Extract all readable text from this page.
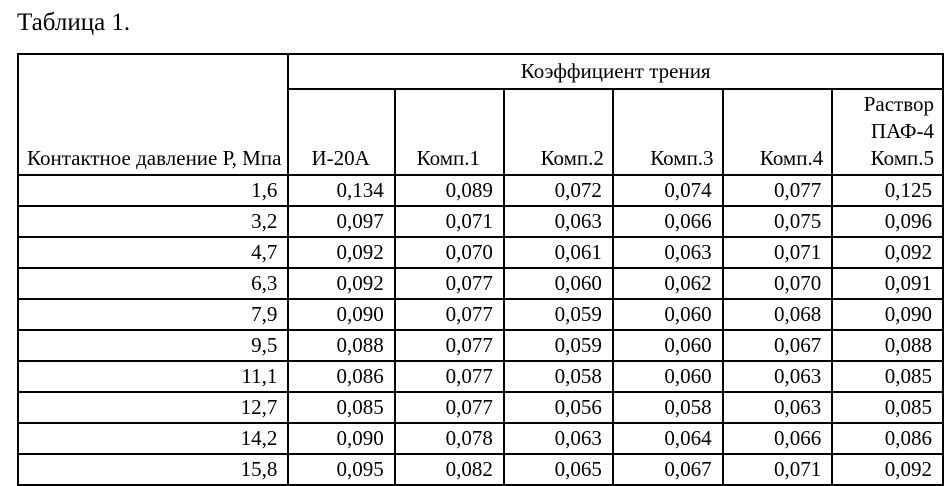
Таблица 1.
Контактное давление Р, Мпа	Коэффициент трения					

	И-20А	Комп.1	Комп.2	Комп.3	Комп.4	Раствор
ПАФ-4
Комп.5

1,6	0,134	0,089	0,072	0,074	0,077	0,125
3,2	0,097	0,071	0,063	0,066	0,075	0,096
4,7	0,092	0,070	0,061	0,063	0,071	0,092
6,3	0,092	0,077	0,060	0,062	0,070	0,091
7,9	0,090	0,077	0,059	0,060	0,068	0,090
9,5	0,088	0,077	0,059	0,060	0,067	0,088
11,1	0,086	0,077	0,058	0,060	0,063	0,085
12,7	0,085	0,077	0,056	0,058	0,063	0,085
14,2	0,090	0,078	0,063	0,064	0,066	0,086
15,8	0,095	0,082	0,065	0,067	0,071	0,092
